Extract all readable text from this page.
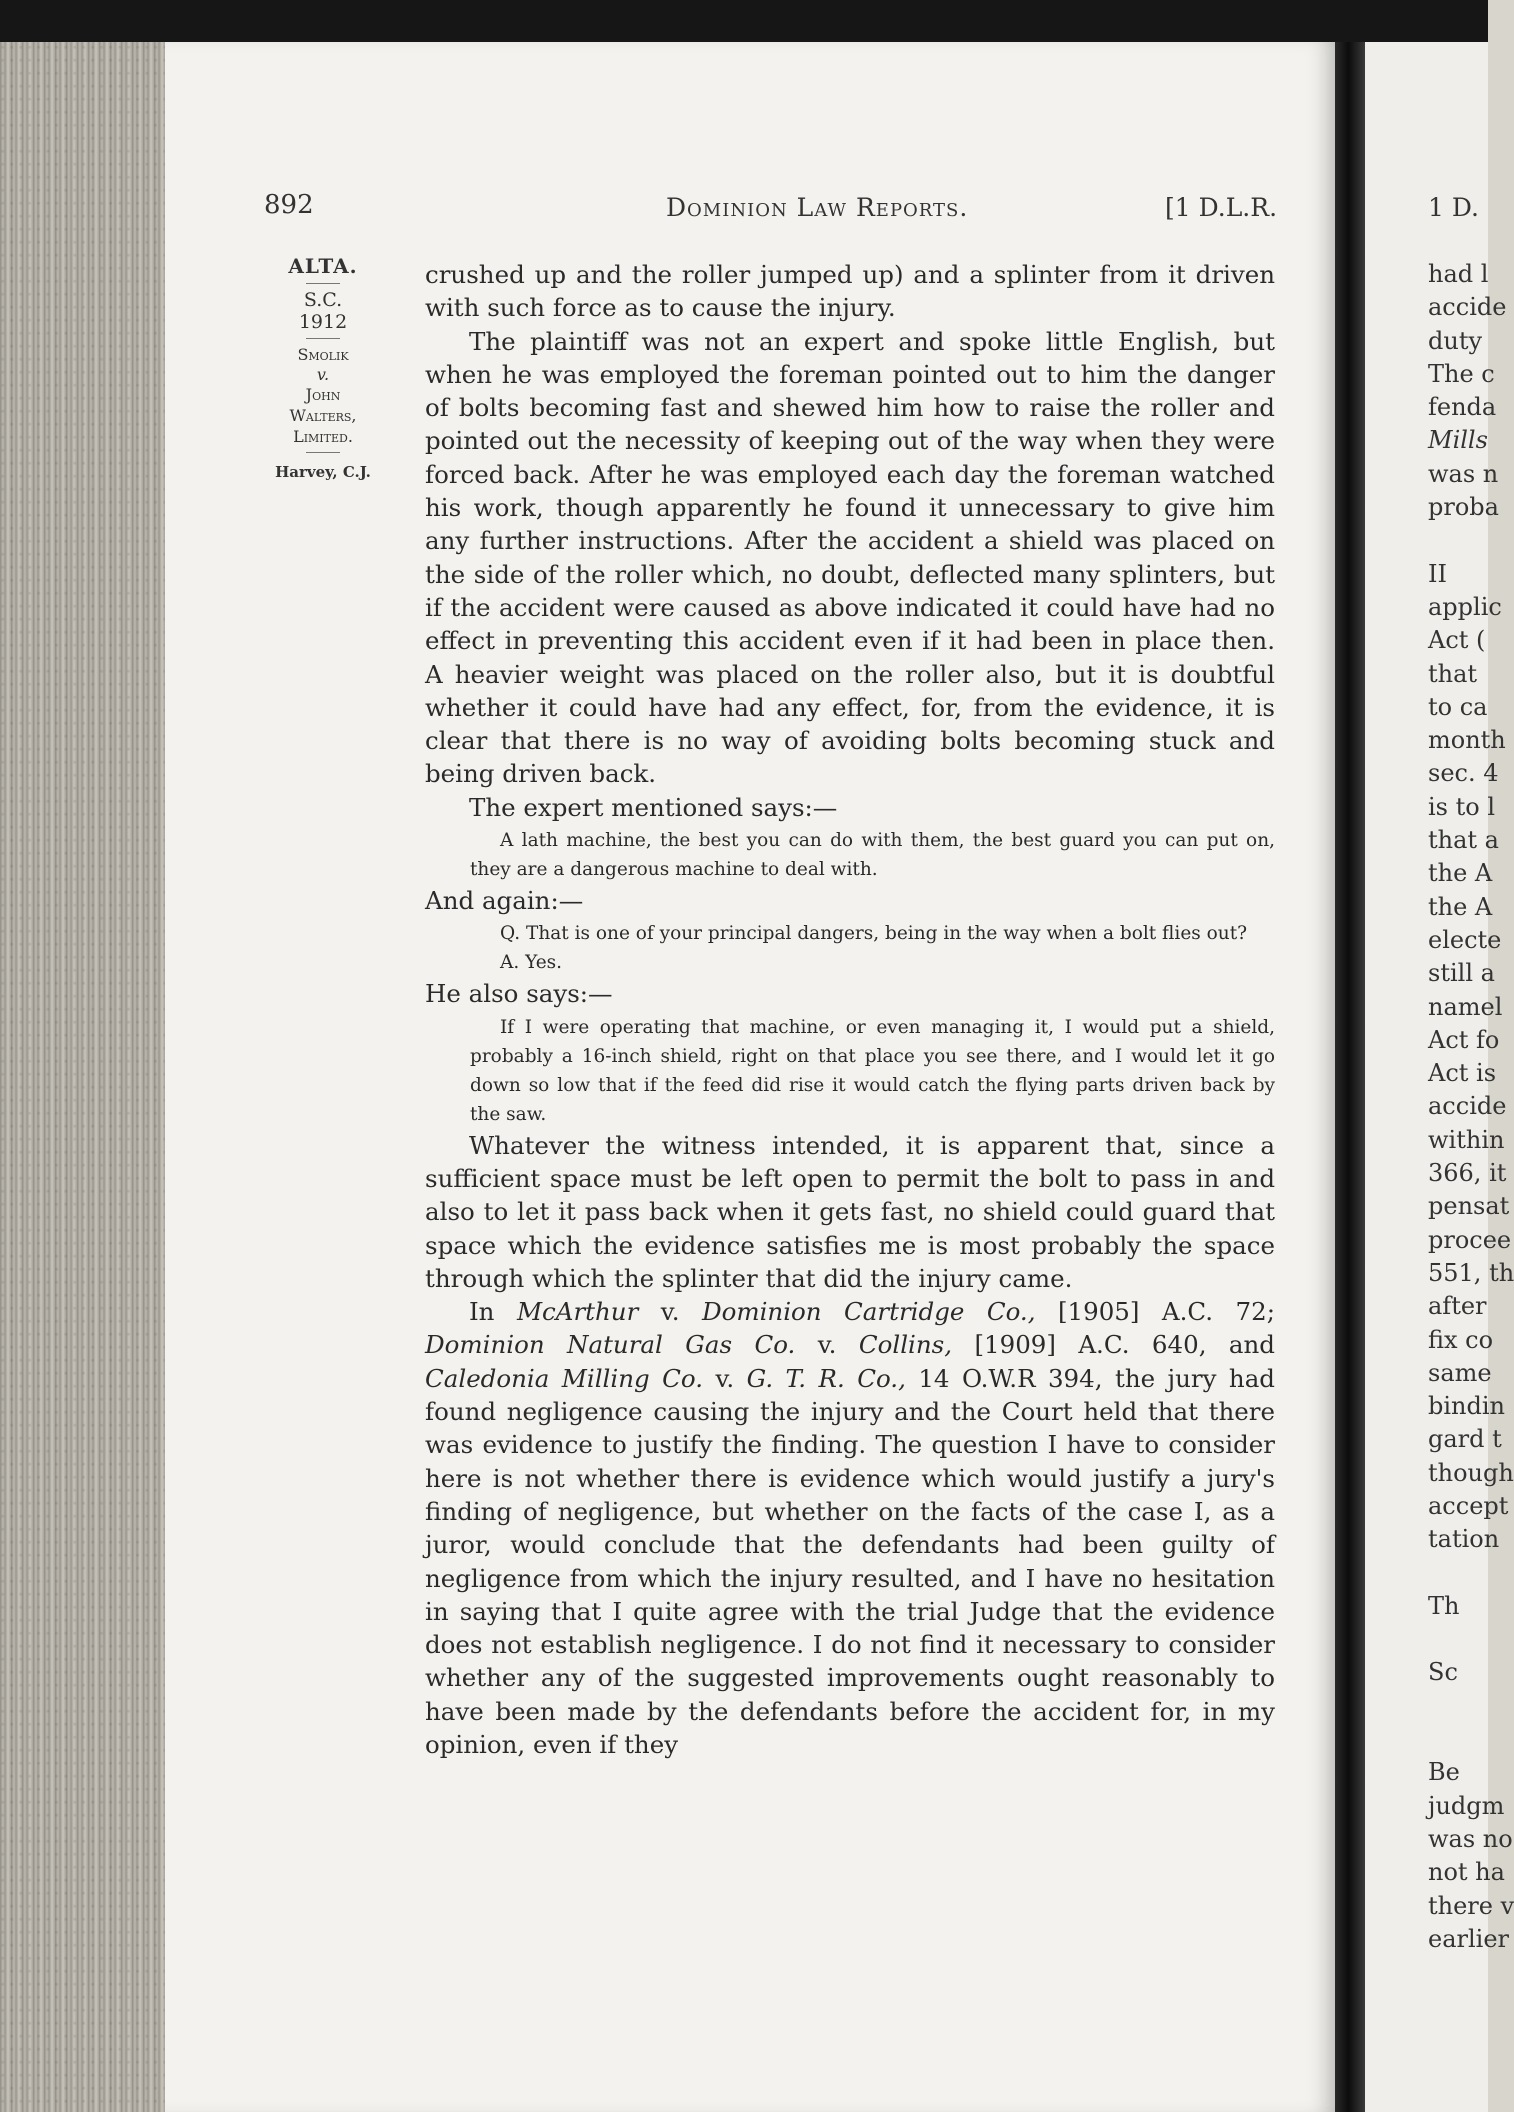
892	Dominion Law Reports.	[1 D.L.R.
ALTA.
S.C.
1912
Smolik
v.
John
Walters,
Limited.
Harvey, C.J.

crushed up and the roller jumped up) and a splinter from it driven with such force as to cause the injury.

The plaintiff was not an expert and spoke little English, but when he was employed the foreman pointed out to him the danger of bolts becoming fast and shewed him how to raise the roller and pointed out the necessity of keeping out of the way when they were forced back. After he was employed each day the foreman watched his work, though apparently he found it unnecessary to give him any further instructions. After the accident a shield was placed on the side of the roller which, no doubt, deflected many splinters, but if the accident were caused as above indicated it could have had no effect in preventing this accident even if it had been in place then. A heavier weight was placed on the roller also, but it is doubtful whether it could have had any effect, for, from the evidence, it is clear that there is no way of avoiding bolts becoming stuck and being driven back.

The expert mentioned says:—

A lath machine, the best you can do with them, the best guard you can put on, they are a dangerous machine to deal with.

And again:—

Q. That is one of your principal dangers, being in the way when a bolt flies out?

A. Yes.

He also says:—

If I were operating that machine, or even managing it, I would put a shield, probably a 16-inch shield, right on that place you see there, and I would let it go down so low that if the feed did rise it would catch the flying parts driven back by the saw.

Whatever the witness intended, it is apparent that, since a sufficient space must be left open to permit the bolt to pass in and also to let it pass back when it gets fast, no shield could guard that space which the evidence satisfies me is most probably the space through which the splinter that did the injury came.

In McArthur v. Dominion Cartridge Co., [1905] A.C. 72; Dominion Natural Gas Co. v. Collins, [1909] A.C. 640, and Caledonia Milling Co. v. G. T. R. Co., 14 O.W.R 394, the jury had found negligence causing the injury and the Court held that there was evidence to justify the finding. The question I have to consider here is not whether there is evidence which would justify a jury's finding of negligence, but whether on the facts of the case I, as a juror, would conclude that the defendants had been guilty of negligence from which the injury resulted, and I have no hesitation in saying that I quite agree with the trial Judge that the evidence does not establish negligence. I do not find it necessary to consider whether any of the suggested improvements ought reasonably to have been made by the defendants before the accident for, in my opinion, even if they

1 D.
had l
accide
duty
The c
fenda
Mills
was n
proba

II
applic
Act (
that
to ca
month
sec. 4
is to l
that a
the A
the A
electe
still a
namel
Act fo
Act is
accide
within
366, it
pensat
procee
551, th
after
fix co
same
bindin
gard t
though
accept
tation

Th

Sc

Be
judgm
was no
not ha
there v
earlier
